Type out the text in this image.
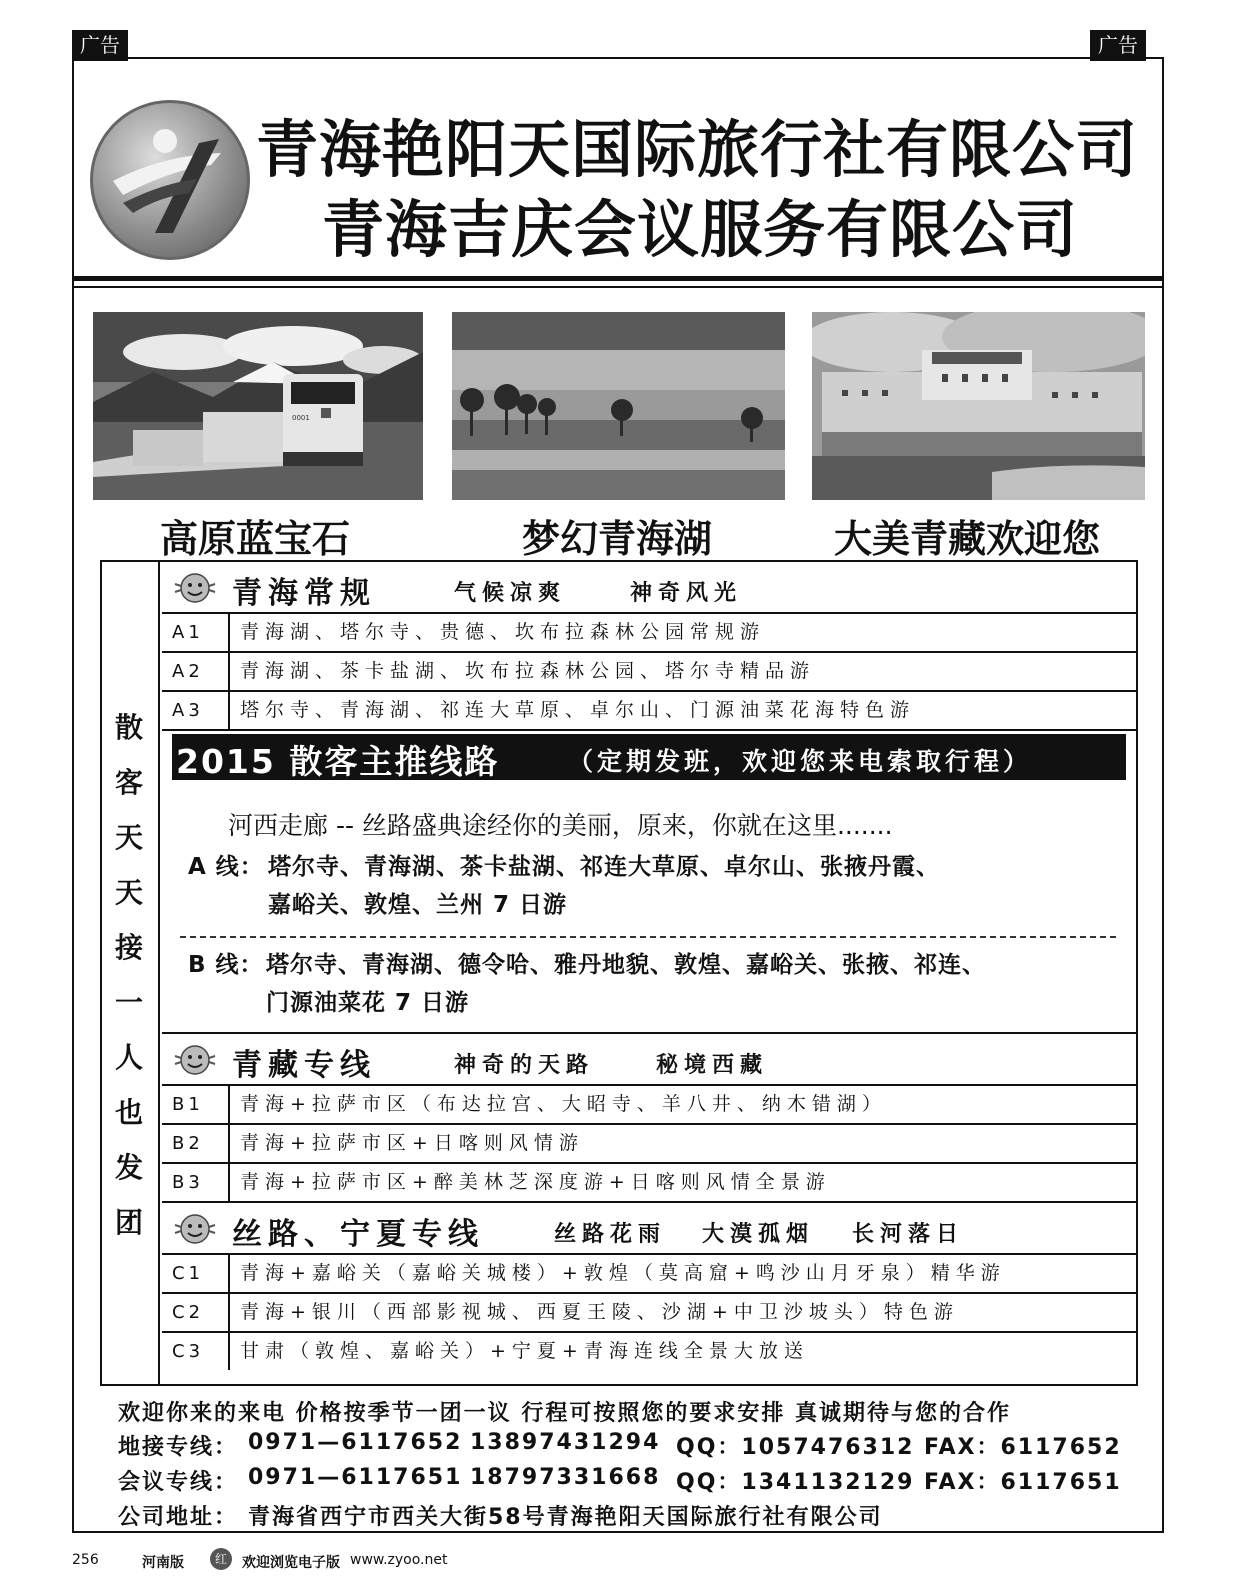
广告	广告
青海艳阳天国际旅行社有限公司
青海吉庆会议服务有限公司
0001
高原蓝宝石	梦幻青海湖	大美青藏欢迎您
散
客
天
天
接
一
人
也
发
团
青海常规	气候凉爽	神奇风光
A1	青海湖、塔尔寺、贵德、坎布拉森林公园常规游
A2	青海湖、茶卡盐湖、坎布拉森林公园、塔尔寺精品游
A3	塔尔寺、青海湖、祁连大草原、卓尔山、门源油菜花海特色游
2015 散客主推线路	（定期发班，欢迎您来电索取行程）
河西走廊 -- 丝路盛典途经你的美丽，原来，你就在这里.......
A 线： 塔尔寺、青海湖、茶卡盐湖、祁连大草原、卓尔山、张掖丹霞、
嘉峪关、敦煌、兰州 7 日游
B 线： 塔尔寺、青海湖、德令哈、雅丹地貌、敦煌、嘉峪关、张掖、祁连、
门源油菜花 7 日游
青藏专线	神奇的天路	秘境西藏
B1	青海+拉萨市区（布达拉宫、大昭寺、羊八井、纳木错湖）
B2	青海+拉萨市区+日喀则风情游
B3	青海+拉萨市区+醉美林芝深度游+日喀则风情全景游
丝路、宁夏专线	丝路花雨 大漠孤烟 长河落日
C1	青海+嘉峪关（嘉峪关城楼）+敦煌（莫高窟+鸣沙山月牙泉）精华游
C2	青海+银川（西部影视城、西夏王陵、沙湖+中卫沙坡头）特色游
C3	甘肃（敦煌、嘉峪关）+宁夏+青海连线全景大放送
欢迎你来的来电 价格按季节一团一议 行程可按照您的要求安排 真诚期待与您的合作
地接专线： 0971—6117652 13897431294 QQ：1057476312 FAX：6117652
会议专线： 0971—6117651 18797331668 QQ：1341132129 FAX：6117651
公司地址： 青海省西宁市西关大街58号青海艳阳天国际旅行社有限公司
256	河南版	红	欢迎浏览电子版 www.zyoo.net
